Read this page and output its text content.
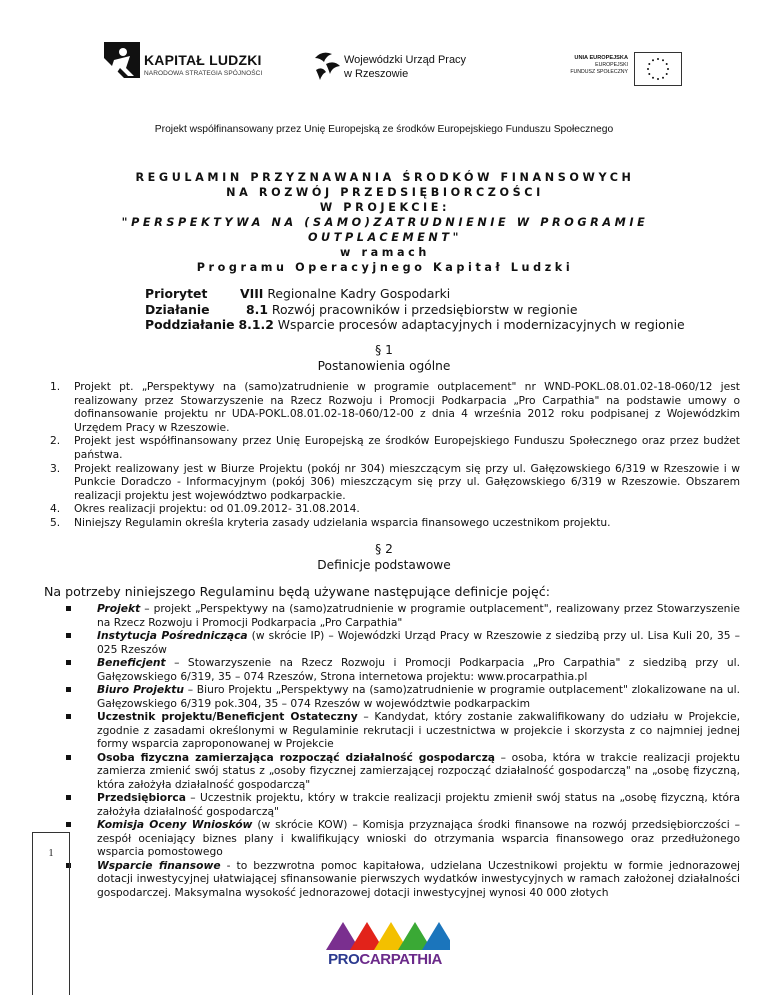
KAPITAŁ LUDZKI
NARODOWA STRATEGIA SPÓJNOŚCI
Wojewódzki Urząd Pracy
w Rzeszowie
UNIA EUROPEJSKA
EUROPEJSKI
FUNDUSZ SPOŁECZNY
Projekt współfinansowany przez Unię Europejską ze środków Europejskiego Funduszu Społecznego
REGULAMIN PRZYZNAWANIA ŚRODKÓW FINANSOWYCH
NA ROZWÓJ PRZEDSIĘBIORCZOŚCI
W PROJEKCIE:
"PERSPEKTYWA NA (SAMO)ZATRUDNIENIE W PROGRAMIE
OUTPLACEMENT"
w ramach
Programu Operacyjnego Kapitał Ludzki
Priorytet	VIII Regionalne Kadry Gospodarki
Działanie	8.1 Rozwój pracowników i przedsiębiorstw w regionie
Poddziałanie 8.1.2 Wsparcie procesów adaptacyjnych i modernizacyjnych w regionie
§ 1
Postanowienia ogólne
1. Projekt pt. „Perspektywy na (samo)zatrudnienie w programie outplacement" nr WND-POKL.08.01.02-18-060/12 jest realizowany przez Stowarzyszenie na Rzecz Rozwoju i Promocji Podkarpacia „Pro Carpathia" na podstawie umowy o dofinansowanie projektu nr UDA-POKL.08.01.02-18-060/12-00 z dnia 4 września 2012 roku podpisanej z Wojewódzkim Urzędem Pracy w Rzeszowie.
2. Projekt jest współfinansowany przez Unię Europejską ze środków Europejskiego Funduszu Społecznego oraz przez budżet państwa.
3. Projekt realizowany jest w Biurze Projektu (pokój nr 304) mieszczącym się przy ul. Gałęzowskiego 6/319 w Rzeszowie i w Punkcie Doradczo - Informacyjnym (pokój 306) mieszczącym się przy ul. Gałęzowskiego 6/319 w Rzeszowie. Obszarem realizacji projektu jest województwo podkarpackie.
4. Okres realizacji projektu: od 01.09.2012- 31.08.2014.
5. Niniejszy Regulamin określa kryteria zasady udzielania wsparcia finansowego uczestnikom projektu.
§ 2
Definicje podstawowe
Na potrzeby niniejszego Regulaminu będą używane następujące definicje pojęć:
Projekt – projekt „Perspektywy na (samo)zatrudnienie w programie outplacement", realizowany przez Stowarzyszenie na Rzecz Rozwoju i Promocji Podkarpacia „Pro Carpathia"
Instytucja Pośrednicząca (w skrócie IP) – Wojewódzki Urząd Pracy w Rzeszowie z siedzibą przy ul. Lisa Kuli 20, 35 – 025 Rzeszów
Beneficjent – Stowarzyszenie na Rzecz Rozwoju i Promocji Podkarpacia „Pro Carpathia" z siedzibą przy ul. Gałęzowskiego 6/319, 35 – 074 Rzeszów, Strona internetowa projektu: www.procarpathia.pl
Biuro Projektu – Biuro Projektu „Perspektywy na (samo)zatrudnienie w programie outplacement" zlokalizowane na ul. Gałęzowskiego 6/319 pok.304, 35 – 074 Rzeszów w województwie podkarpackim
Uczestnik projektu/Beneficjent Ostateczny – Kandydat, który zostanie zakwalifikowany do udziału w Projekcie, zgodnie z zasadami określonymi w Regulaminie rekrutacji i uczestnictwa w projekcie i skorzysta z co najmniej jednej formy wsparcia zaproponowanej w Projekcie
Osoba fizyczna zamierzająca rozpocząć działalność gospodarczą – osoba, która w trakcie realizacji projektu zamierza zmienić swój status z „osoby fizycznej zamierzającej rozpocząć działalność gospodarczą" na „osobę fizyczną, która założyła działalność gospodarczą"
Przedsiębiorca – Uczestnik projektu, który w trakcie realizacji projektu zmienił swój status na „osobę fizyczną, która założyła działalność gospodarczą"
Komisja Oceny Wniosków (w skrócie KOW) – Komisja przyznająca środki finansowe na rozwój przedsiębiorczości – zespół oceniający biznes plany i kwalifikujący wnioski do otrzymania wsparcia finansowego oraz przedłużonego wsparcia pomostowego
Wsparcie finansowe - to bezzwrotna pomoc kapitałowa, udzielana Uczestnikowi projektu w formie jednorazowej dotacji inwestycyjnej ułatwiającej sfinansowanie pierwszych wydatków inwestycyjnych w ramach założonej działalności gospodarczej. Maksymalna wysokość jednorazowej dotacji inwestycyjnej wynosi 40 000 złotych
1
PROCARPATHIA
